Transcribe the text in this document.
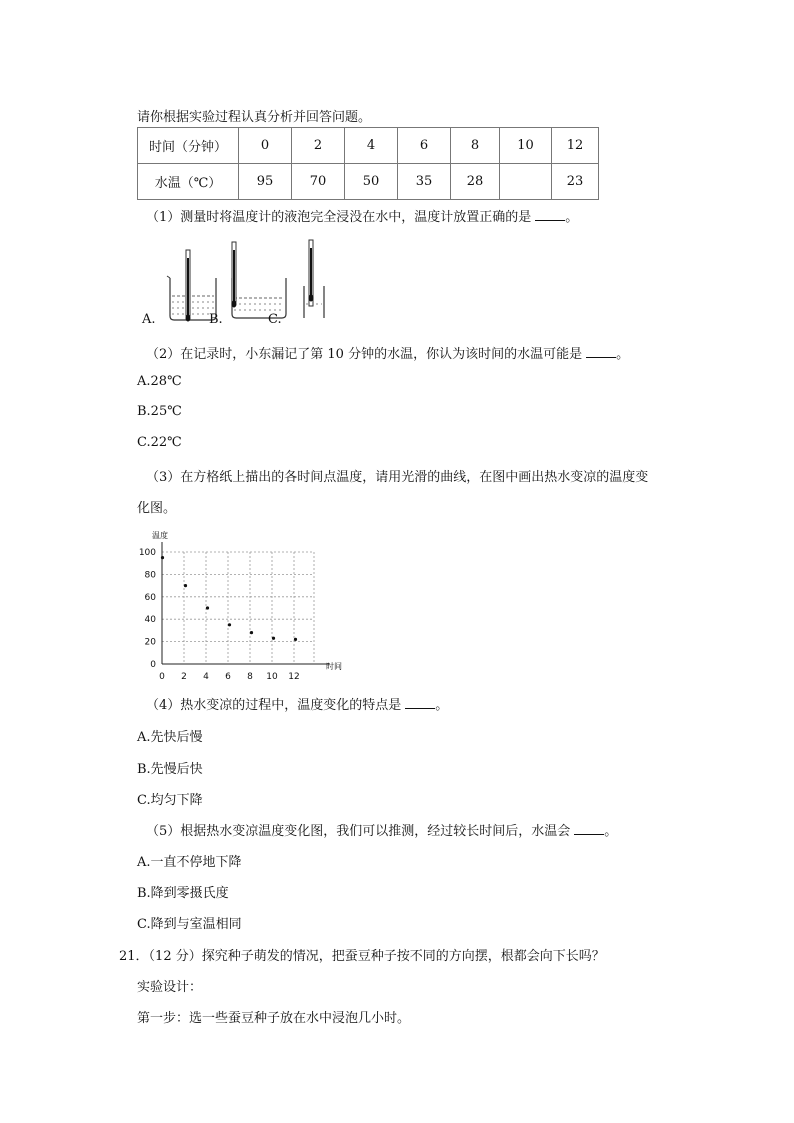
请你根据实验过程认真分析并回答问题。
时间（分钟）	0	2	4	6	8	10	12
水温（℃）	95	70	50	35	28		23
（1）测量时将温度计的液泡完全浸没在水中，温度计放置正确的是	。
A.	B.	C.
（2）在记录时，小东漏记了第 10 分钟的水温，你认为该时间的水温可能是	。
A.28℃
B.25℃
C.22℃
（3）在方格纸上描出的各时间点温度，请用光滑的曲线，在图中画出热水变凉的温度变
化图。
0 2 4 6 8 10 12
0
20
40
60
80
100
温度
时间
（4）热水变凉的过程中，温度变化的特点是	。
A.先快后慢
B.先慢后快
C.均匀下降
（5）根据热水变凉温度变化图，我们可以推测，经过较长时间后，水温会	。
A.一直不停地下降
B.降到零摄氏度
C.降到与室温相同
21．（12 分）探究种子萌发的情况，把蚕豆种子按不同的方向摆，根都会向下长吗？
实验设计：
第一步：选一些蚕豆种子放在水中浸泡几小时。
